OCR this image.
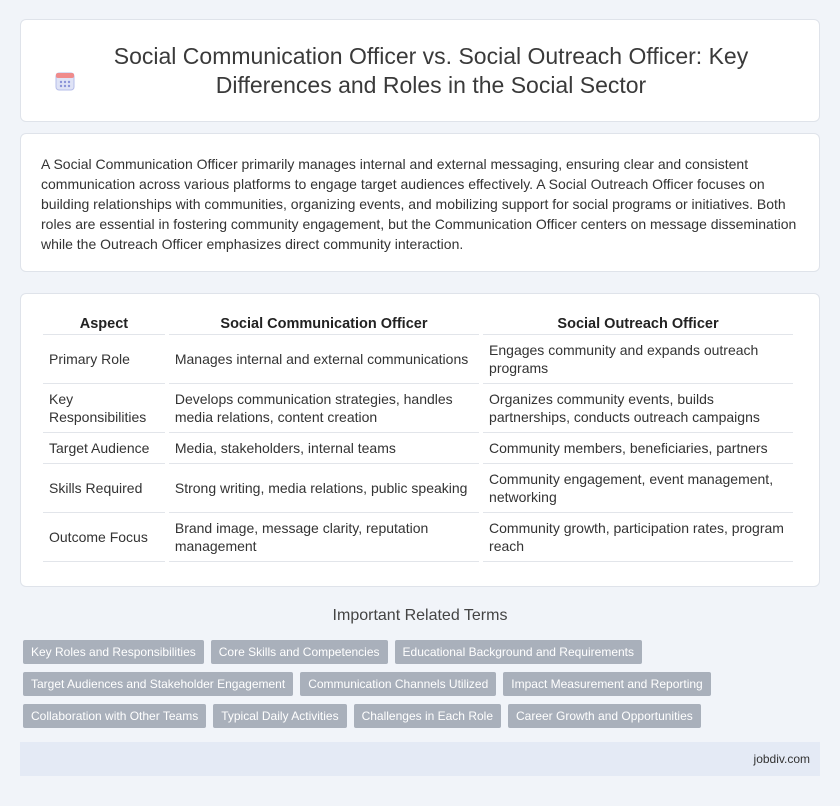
Social Communication Officer vs. Social Outreach Officer: Key Differences and Roles in the Social Sector

A Social Communication Officer primarily manages internal and external messaging, ensuring clear and consistent communication across various platforms to engage target audiences effectively. A Social Outreach Officer focuses on building relationships with communities, organizing events, and mobilizing support for social programs or initiatives. Both roles are essential in fostering community engagement, but the Communication Officer centers on message dissemination while the Outreach Officer emphasizes direct community interaction.

Aspect	Social Communication Officer	Social Outreach Officer
Primary Role	Manages internal and external communications	Engages community and expands outreach programs
Key Responsibilities	Develops communication strategies, handles media relations, content creation	Organizes community events, builds partnerships, conducts outreach campaigns
Target Audience	Media, stakeholders, internal teams	Community members, beneficiaries, partners
Skills Required	Strong writing, media relations, public speaking	Community engagement, event management, networking
Outcome Focus	Brand image, message clarity, reputation management	Community growth, participation rates, program reach
Important Related Terms
Key Roles and Responsibilities	Core Skills and Competencies	Educational Background and Requirements
Target Audiences and Stakeholder Engagement	Communication Channels Utilized	Impact Measurement and Reporting
Collaboration with Other Teams	Typical Daily Activities	Challenges in Each Role	Career Growth and Opportunities
jobdiv.com
